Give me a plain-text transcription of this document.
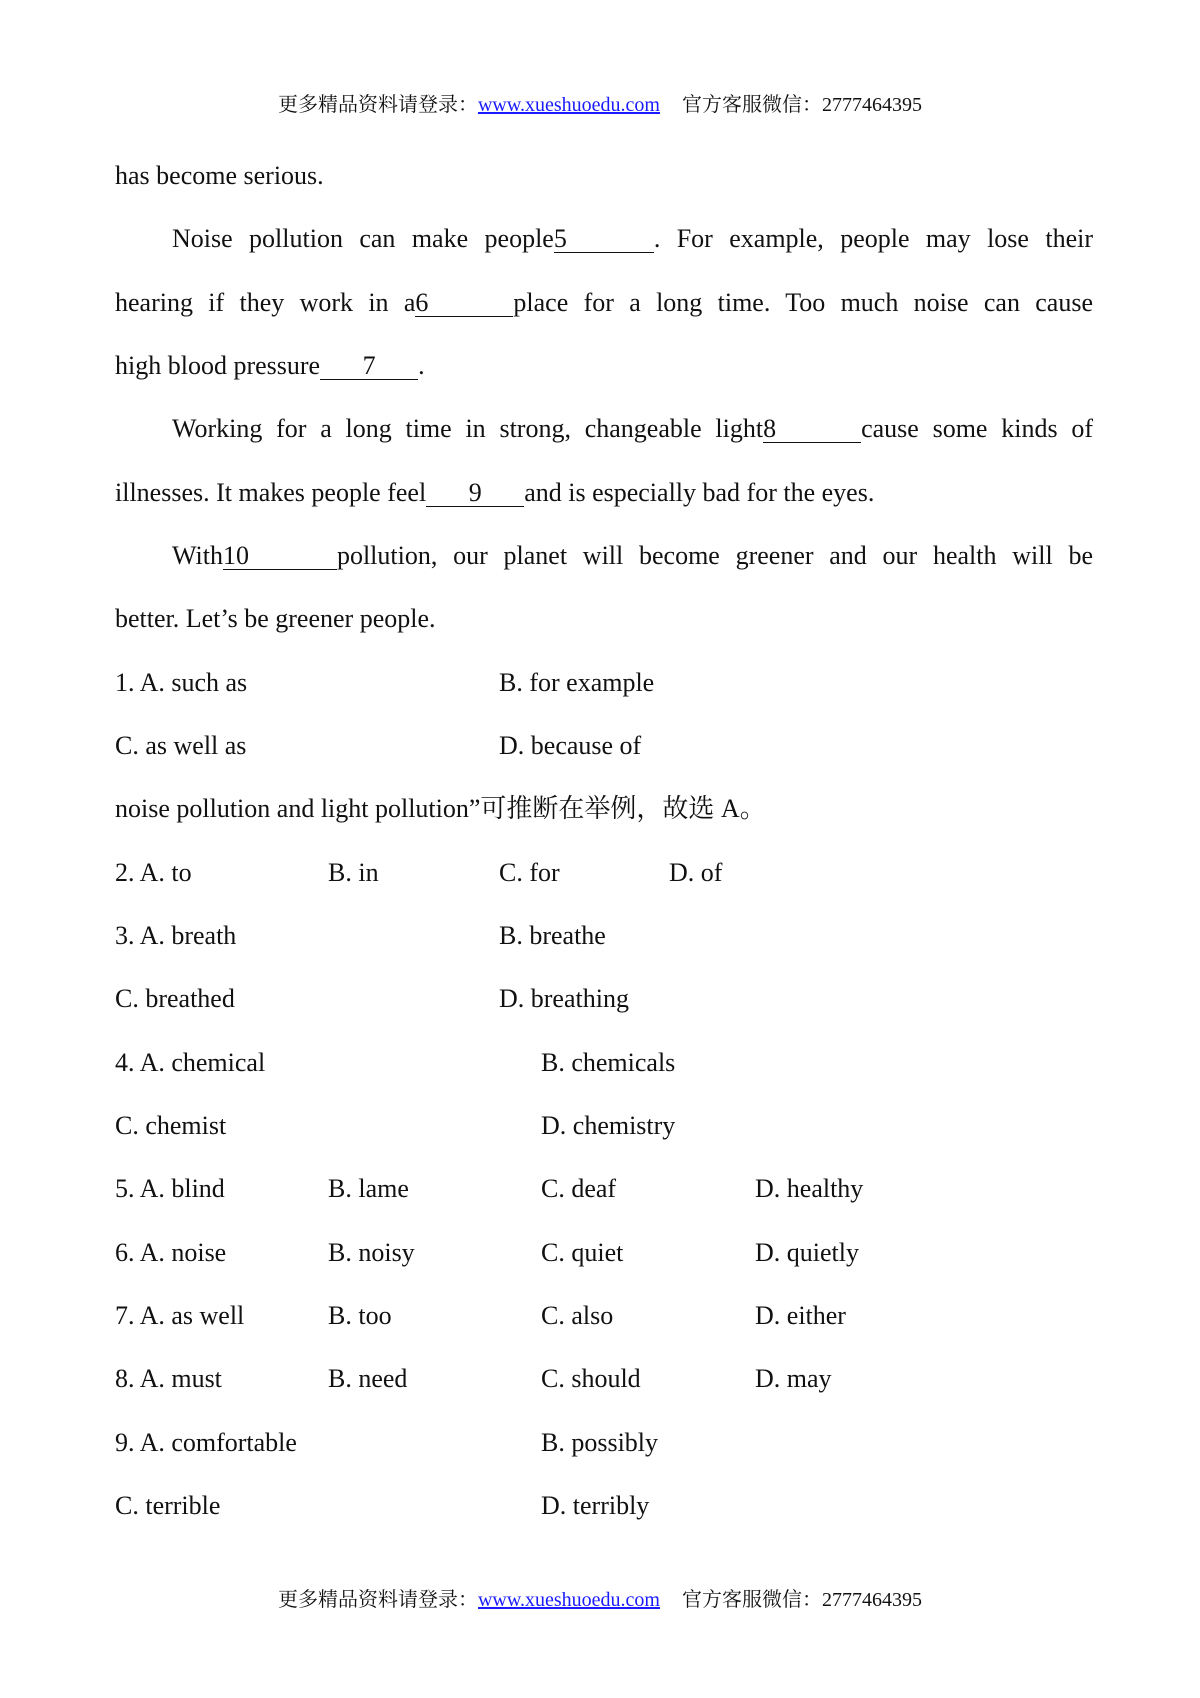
更多精品资料请登录：www.xueshuoedu.com 官方客服微信：2777464395
has become serious.
Noise pollution can make people5	. For example, people may lose their
hearing if they work in a6	place for a long time. Too much noise can cause
high blood pressure 7 .
Working for a long time in strong, changeable light8	cause some kinds of
illnesses. It makes people feel 9 and is especially bad for the eyes.
With10	pollution, our planet will become greener and our health will be
better. Let’s be greener people.
1. A. such as	B. for example
C. as well as	D. because of
noise pollution and light pollution”可推断在举例，故选 A。
2. A. to	B. in	C. for	D. of
3. A. breath	B. breathe
C. breathed	D. breathing
4. A. chemical	B. chemicals
C. chemist	D. chemistry
5. A. blind	B. lame	C. deaf	D. healthy
6. A. noise	B. noisy	C. quiet	D. quietly
7. A. as well	B. too	C. also	D. either
8. A. must	B. need	C. should	D. may
9. A. comfortable	B. possibly
C. terrible	D. terribly
更多精品资料请登录：www.xueshuoedu.com 官方客服微信：2777464395
